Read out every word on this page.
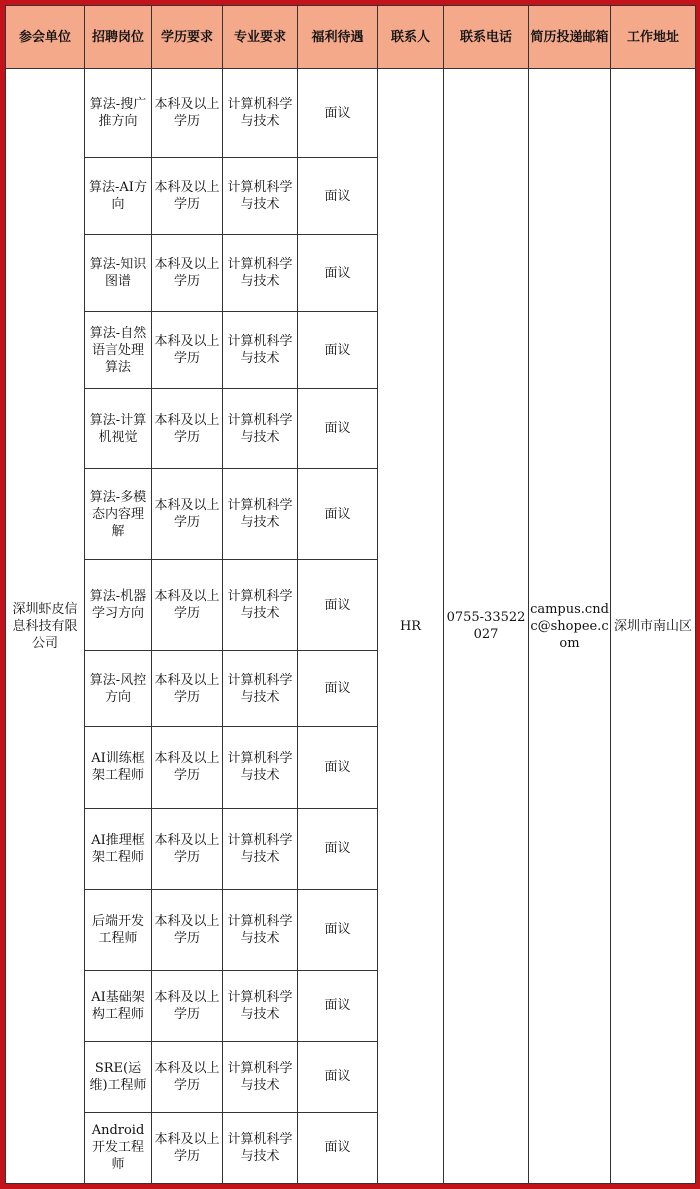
参会单位	招聘岗位	学历要求	专业要求	福利待遇	联系人	联系电话	简历投递邮箱	工作地址
深圳虾皮信息科技有限公司	算法-搜广推方向	本科及以上学历	计算机科学与技术	面议	HR	0755-33522027	campus.cndc@shopee.com	深圳市南山区
	算法-AI方向	本科及以上学历	计算机科学与技术	面议				
	算法-知识图谱	本科及以上学历	计算机科学与技术	面议				
	算法-自然语言处理算法	本科及以上学历	计算机科学与技术	面议				
	算法-计算机视觉	本科及以上学历	计算机科学与技术	面议				
	算法-多模态内容理解	本科及以上学历	计算机科学与技术	面议				
	算法-机器学习方向	本科及以上学历	计算机科学与技术	面议				
	算法-风控方向	本科及以上学历	计算机科学与技术	面议				
	AI训练框架工程师	本科及以上学历	计算机科学与技术	面议				
	AI推理框架工程师	本科及以上学历	计算机科学与技术	面议				
	后端开发工程师	本科及以上学历	计算机科学与技术	面议				
	AI基础架构工程师	本科及以上学历	计算机科学与技术	面议				
	SRE(运维)工程师	本科及以上学历	计算机科学与技术	面议				
	Android开发工程师	本科及以上学历	计算机科学与技术	面议				
